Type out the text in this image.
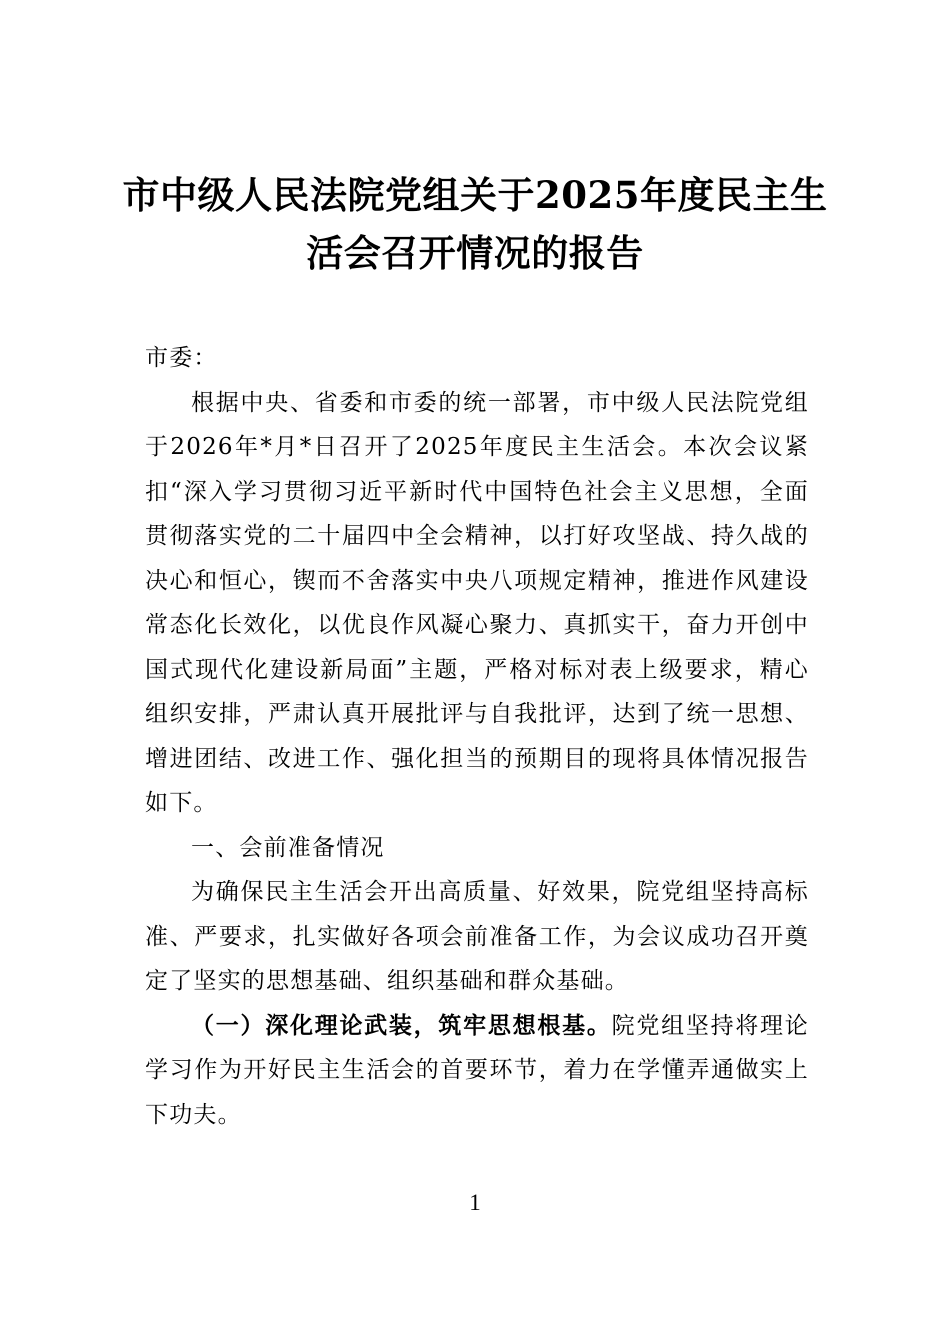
市中级人民法院党组关于2025年度民主生
活会召开情况的报告

市委：

根据中央、省委和市委的统一部署，市中级人民法院党组于2026年*月*日召开了2025年度民主生活会。本次会议紧扣“深入学习贯彻习近平新时代中国特色社会主义思想，全面贯彻落实党的二十届四中全会精神，以打好攻坚战、持久战的决心和恒心，锲而不舍落实中央八项规定精神，推进作风建设常态化长效化，以优良作风凝心聚力、真抓实干，奋力开创中国式现代化建设新局面”主题，严格对标对表上级要求，精心组织安排，严肃认真开展批评与自我批评，达到了统一思想、增进团结、改进工作、强化担当的预期目的现将具体情况报告如下。

一、会前准备情况

为确保民主生活会开出高质量、好效果，院党组坚持高标准、严要求，扎实做好各项会前准备工作，为会议成功召开奠定了坚实的思想基础、组织基础和群众基础。

（一）深化理论武装，筑牢思想根基。院党组坚持将理论学习作为开好民主生活会的首要环节，着力在学懂弄通做实上下功夫。

1
